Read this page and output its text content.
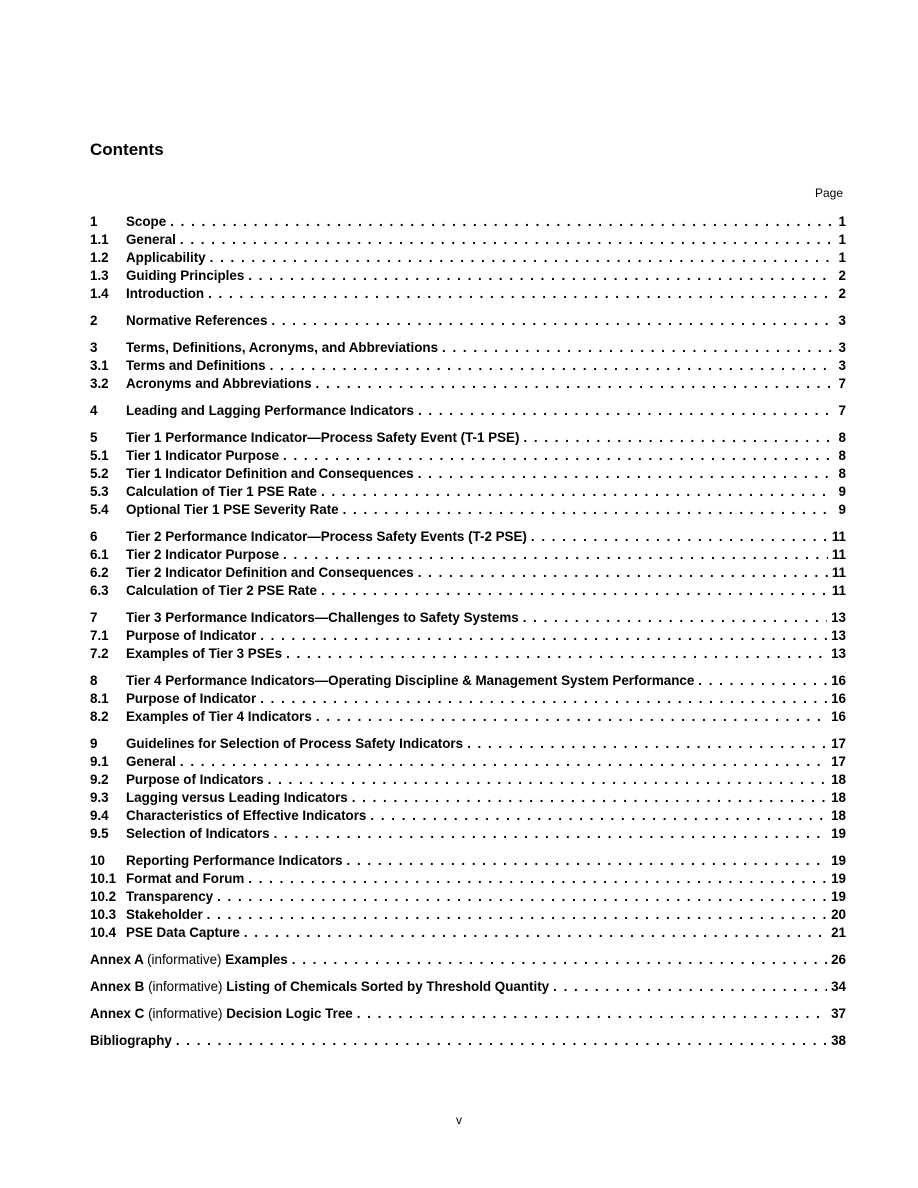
Contents
Page
1	Scope . . .	1
1.1	General . . .	1
1.2	Applicability . . .	1
1.3	Guiding Principles . . .	2
1.4	Introduction . . .	2
2	Normative References . . .	3
3	Terms, Definitions, Acronyms, and Abbreviations . . .	3
3.1	Terms and Definitions . . .	3
3.2	Acronyms and Abbreviations . . .	7
4	Leading and Lagging Performance Indicators . . .	7
5	Tier 1 Performance Indicator—Process Safety Event (T-1 PSE) . . .	8
5.1	Tier 1 Indicator Purpose . . .	8
5.2	Tier 1 Indicator Definition and Consequences . . .	8
5.3	Calculation of Tier 1 PSE Rate . . .	9
5.4	Optional Tier 1 PSE Severity Rate . . .	9
6	Tier 2 Performance Indicator—Process Safety Events (T-2 PSE) . . .	11
6.1	Tier 2 Indicator Purpose . . .	11
6.2	Tier 2 Indicator Definition and Consequences . . .	11
6.3	Calculation of Tier 2 PSE Rate . . .	11
7	Tier 3 Performance Indicators—Challenges to Safety Systems . . .	13
7.1	Purpose of Indicator . . .	13
7.2	Examples of Tier 3 PSEs . . .	13
8	Tier 4 Performance Indicators—Operating Discipline & Management System Performance . . .	16
8.1	Purpose of Indicator . . .	16
8.2	Examples of Tier 4 Indicators . . .	16
9	Guidelines for Selection of Process Safety Indicators . . .	17
9.1	General . . .	17
9.2	Purpose of Indicators . . .	18
9.3	Lagging versus Leading Indicators . . .	18
9.4	Characteristics of Effective Indicators . . .	18
9.5	Selection of Indicators . . .	19
10	Reporting Performance Indicators . . .	19
10.1 Format and Forum . . .	19
10.2 Transparency . . .	19
10.3 Stakeholder . . .	20
10.4 PSE Data Capture . . .	21
Annex A (informative) Examples . . .	26
Annex B (informative) Listing of Chemicals Sorted by Threshold Quantity . . .	34
Annex C (informative) Decision Logic Tree . . .	37
Bibliography . . .	38
v
